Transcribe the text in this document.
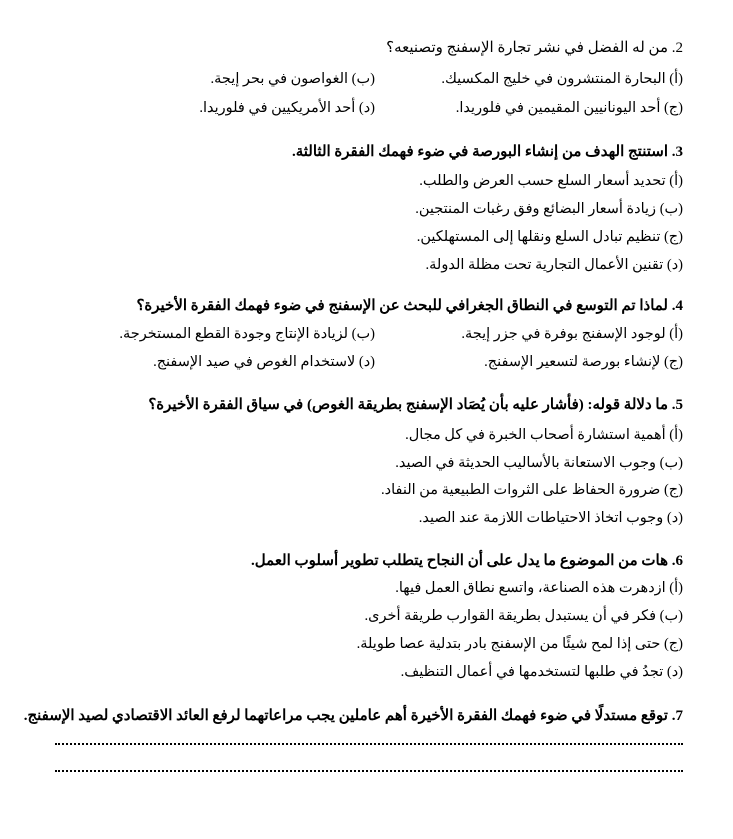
2. من له الفضل في نشر تجارة الإسفنج وتصنيعه؟
(أ) البحارة المنتشرون في خليج المكسيك.
(ب) الغواصون في بحر إيجة.
(ج) أحد اليونانيين المقيمين في فلوريدا.
(د) أحد الأمريكيين في فلوريدا.
3. استنتج الهدف من إنشاء البورصة في ضوء فهمك الفقرة الثالثة.
(أ) تحديد أسعار السلع حسب العرض والطلب.
(ب) زيادة أسعار البضائع وفق رغبات المنتجين.
(ج) تنظيم تبادل السلع ونقلها إلى المستهلكين.
(د) تقنين الأعمال التجارية تحت مظلة الدولة.
4. لماذا تم التوسع في النطاق الجغرافي للبحث عن الإسفنج في ضوء فهمك الفقرة الأخيرة؟
(أ) لوجود الإسفنج بوفرة في جزر إيجة.
(ب) لزيادة الإنتاج وجودة القطع المستخرجة.
(ج) لإنشاء بورصة لتسعير الإسفنج.
(د) لاستخدام الغوص في صيد الإسفنج.
5. ما دلالة قوله: (فأشار عليه بأن يُصَاد الإسفنج بطريقة الغوص) في سياق الفقرة الأخيرة؟
(أ) أهمية استشارة أصحاب الخبرة في كل مجال.
(ب) وجوب الاستعانة بالأساليب الحديثة في الصيد.
(ج) ضرورة الحفاظ على الثروات الطبيعية من النفاد.
(د) وجوب اتخاذ الاحتياطات اللازمة عند الصيد.
6. هات من الموضوع ما يدل على أن النجاح يتطلب تطوير أسلوب العمل.
(أ) ازدهرت هذه الصناعة، واتسع نطاق العمل فيها.
(ب) فكر في أن يستبدل بطريقة القوارب طريقة أخرى.
(ج) حتى إذا لمح شيئًا من الإسفنج بادر بتدلية عصا طويلة.
(د) تجدُ في طلبها لتستخدمها في أعمال التنظيف.
7. توقع مستدلًا في ضوء فهمك الفقرة الأخيرة أهم عاملين يجب مراعاتهما لرفع العائد الاقتصادي لصيد الإسفنج.
